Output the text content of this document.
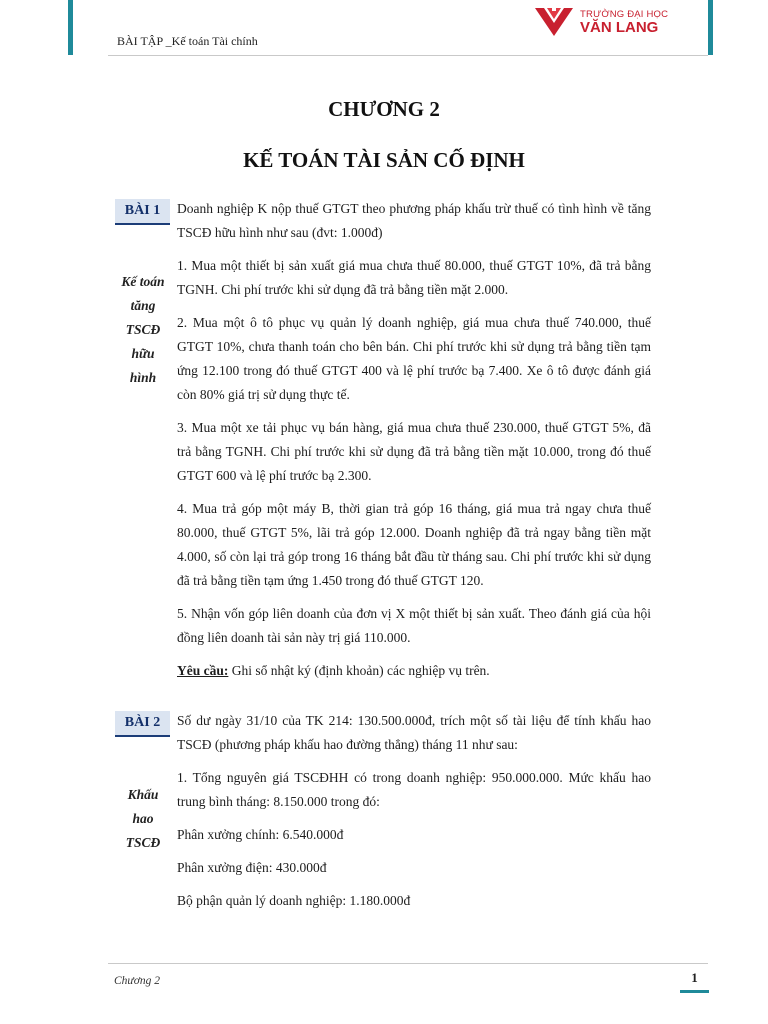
BÀI TẬP _Kế toán Tài chính
TRƯỜNG ĐẠI HỌC
VĂN LANG
CHƯƠNG 2
KẾ TOÁN TÀI SẢN CỐ ĐỊNH
BÀI 1
Kế toán
tăng
TSCĐ
hữu
hình

Doanh nghiệp K nộp thuế GTGT theo phương pháp khấu trừ thuế có tình hình về tăng TSCĐ hữu hình như sau (đvt: 1.000đ)

1. Mua một thiết bị sản xuất giá mua chưa thuế 80.000, thuế GTGT 10%, đã trả bằng TGNH. Chi phí trước khi sử dụng đã trả bằng tiền mặt 2.000.

2. Mua một ô tô phục vụ quản lý doanh nghiệp, giá mua chưa thuế 740.000, thuế GTGT 10%, chưa thanh toán cho bên bán. Chi phí trước khi sử dụng trả bằng tiền tạm ứng 12.100 trong đó thuế GTGT 400 và lệ phí trước bạ 7.400. Xe ô tô được đánh giá còn 80% giá trị sử dụng thực tế.

3. Mua một xe tải phục vụ bán hàng, giá mua chưa thuế 230.000, thuế GTGT 5%, đã trả bằng TGNH. Chi phí trước khi sử dụng đã trả bằng tiền mặt 10.000, trong đó thuế GTGT 600 và lệ phí trước bạ 2.300.

4. Mua trả góp một máy B, thời gian trả góp 16 tháng, giá mua trả ngay chưa thuế 80.000, thuế GTGT 5%, lãi trả góp 12.000. Doanh nghiệp đã trả ngay bằng tiền mặt 4.000, số còn lại trả góp trong 16 tháng bắt đầu từ tháng sau. Chi phí trước khi sử dụng đã trả bằng tiền tạm ứng 1.450 trong đó thuế GTGT 120.

5. Nhận vốn góp liên doanh của đơn vị X một thiết bị sản xuất. Theo đánh giá của hội đồng liên doanh tài sản này trị giá 110.000.

Yêu cầu: Ghi sổ nhật ký (định khoản) các nghiệp vụ trên.

BÀI 2
Khấu
hao
TSCĐ

Số dư ngày 31/10 của TK 214: 130.500.000đ, trích một số tài liệu để tính khấu hao TSCĐ (phương pháp khấu hao đường thẳng) tháng 11 như sau:

1. Tổng nguyên giá TSCĐHH có trong doanh nghiệp: 950.000.000. Mức khấu hao trung bình tháng: 8.150.000 trong đó:

Phân xưởng chính: 6.540.000đ

Phân xưởng điện: 430.000đ

Bộ phận quản lý doanh nghiệp: 1.180.000đ

Chương 2	1
